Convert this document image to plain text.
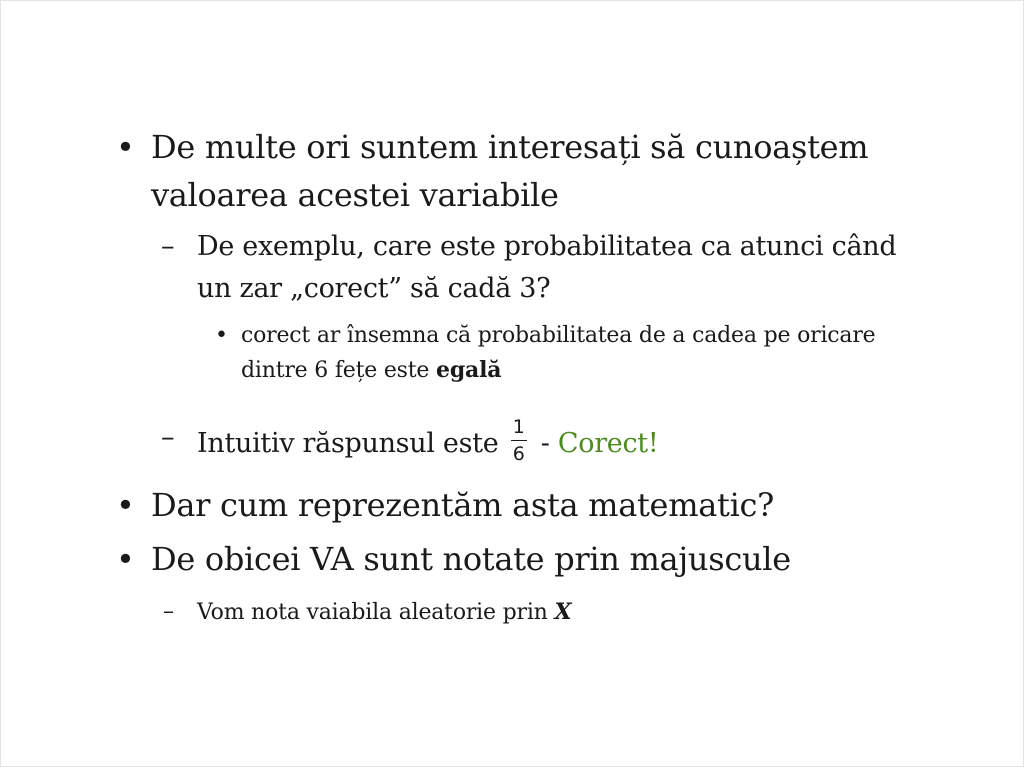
• De multe ori suntem interesați să cunoaștem
valoarea acestei variabile
– De exemplu, care este probabilitatea ca atunci când
un zar „corect” să cadă 3?
• corect ar însemna că probabilitatea de a cadea pe oricare
dintre 6 fețe este egală
– Intuitiv răspunsul este $\frac{1}{6}$ - Corect!
• Dar cum reprezentăm asta matematic?
• De obicei VA sunt notate prin majuscule
– Vom nota vaiabila aleatorie prin X
